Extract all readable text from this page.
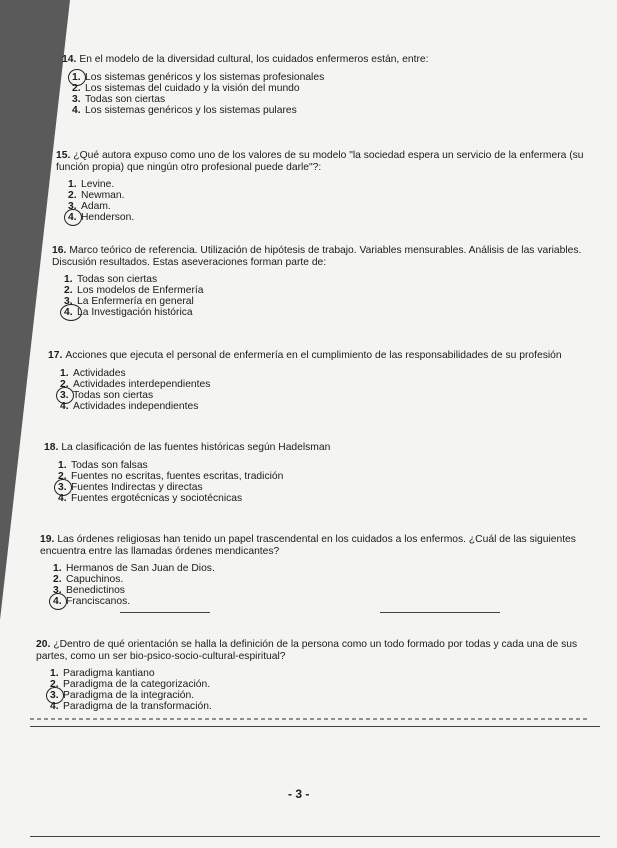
14. En el modelo de la diversidad cultural, los cuidados enfermeros están, entre:

1. Los sistemas genéricos y los sistemas profesionales
2. Los sistemas del cuidado y la visión del mundo
3. Todas son ciertas
4. Los sistemas genéricos y los sistemas pulares

15. ¿Qué autora expuso como uno de los valores de su modelo "la sociedad espera un servicio de la enfermera (su función propia) que ningún otro profesional puede darle"?:

1. Levine.
2. Newman.
3. Adam.
4. Henderson.

16. Marco teórico de referencia. Utilización de hipótesis de trabajo. Variables mensurables. Análisis de las variables. Discusión resultados. Estas aseveraciones forman parte de:

1. Todas son ciertas
2. Los modelos de Enfermería
3. La Enfermería en general
4. La Investigación histórica

17. Acciones que ejecuta el personal de enfermería en el cumplimiento de las responsabilidades de su profesión

1. Actividades
2. Actividades interdependientes
3. Todas son ciertas
4. Actividades independientes

18. La clasificación de las fuentes históricas según Hadelsman

1. Todas son falsas
2. Fuentes no escritas, fuentes escritas, tradición
3. Fuentes Indirectas y directas
4. Fuentes ergotécnicas y sociotécnicas

19. Las órdenes religiosas han tenido un papel trascendental en los cuidados a los enfermos. ¿Cuál de las siguientes encuentra entre las llamadas órdenes mendicantes?

1. Hermanos de San Juan de Dios.
2. Capuchinos.
3. Benedictinos
4. Franciscanos.

20. ¿Dentro de qué orientación se halla la definición de la persona como un todo formado por todas y cada una de sus partes, como un ser bio-psico-socio-cultural-espiritual?

1. Paradigma kantiano
2. Paradigma de la categorización.
3. Paradigma de la integración.
4. Paradigma de la transformación.
- 3 -
